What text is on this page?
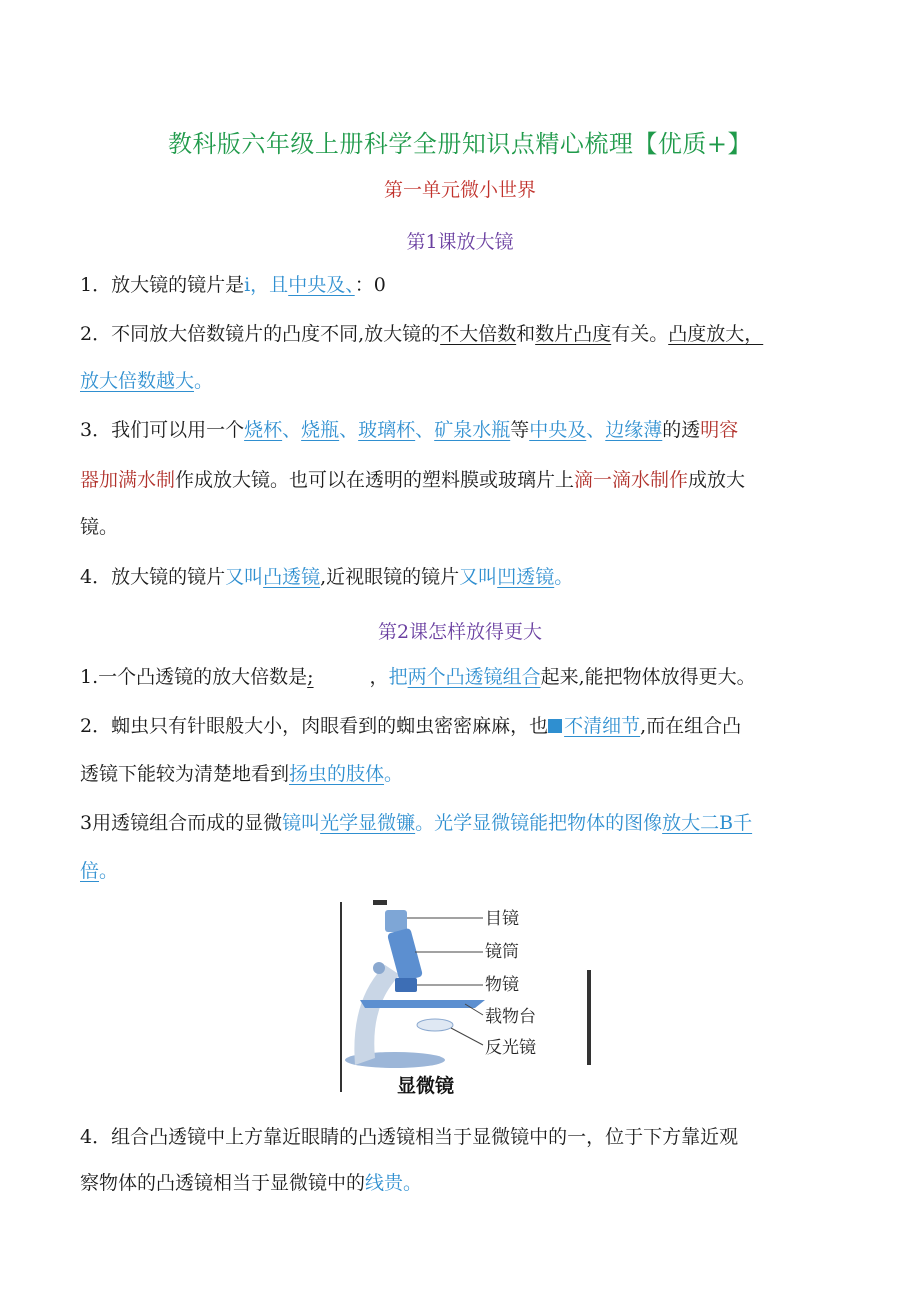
教科版六年级上册科学全册知识点精心梳理【优质+】
第一单元微小世界
第1课放大镜
1．放大镜的镜片是i，且中央及、：0
2．不同放大倍数镜片的凸度不同,放大镜的不大倍数和数片凸度有关。凸度放大，
放大倍数越大。
3．我们可以用一个烧杯、烧瓶、玻璃杯、矿泉水瓶等中央及、边缘薄的透明容
器加满水制作成放大镜。也可以在透明的塑料膜或玻璃片上滴一滴水制作成放大
镜。
4．放大镜的镜片又叫凸透镜,近视眼镜的镜片又叫凹透镜。
第2课怎样放得更大
1.一个凸透镜的放大倍数是;	，把两个凸透镜组合起来,能把物体放得更大。
2．蜘虫只有针眼般大小，肉眼看到的蜘虫密密麻麻，也 不清细节,而在组合凸
透镜下能较为清楚地看到扬虫的肢体。
3用透镜组合而成的显微镜叫光学显微镰。光学显微镜能把物体的图像放大二B千
倍。
目镜
镜筒
物镜
载物台
反光镜
显微镜
4．组合凸透镜中上方靠近眼睛的凸透镜相当于显微镜中的一，位于下方靠近观
察物体的凸透镜相当于显微镜中的线贵。
